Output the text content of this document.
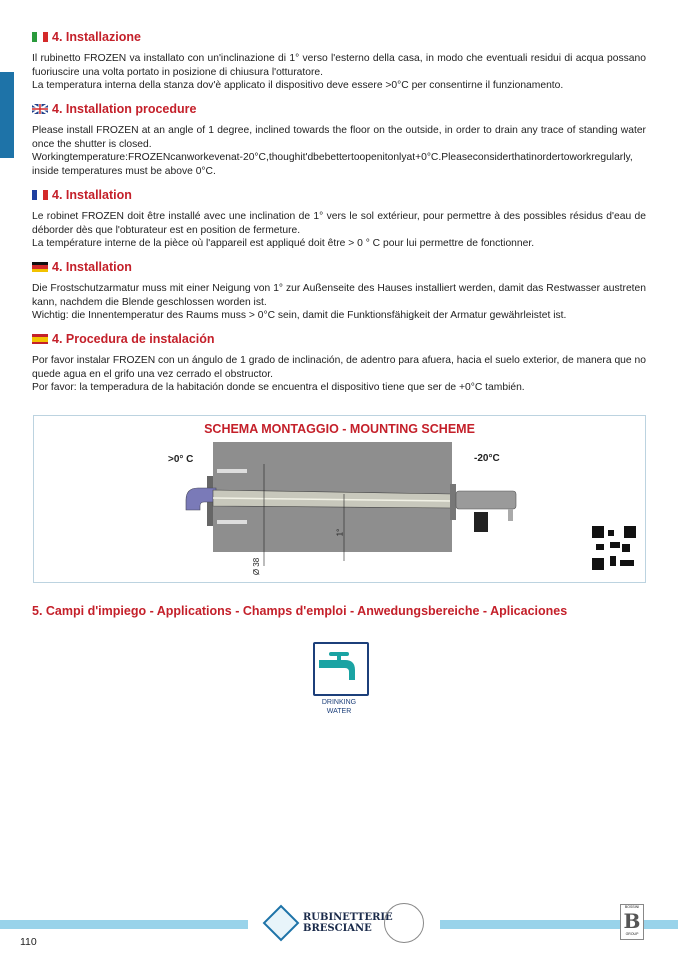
4. Installazione
Il rubinetto FROZEN va installato con un'inclinazione di 1° verso l'esterno della casa, in modo che eventuali residui di acqua possano fuoriuscire una volta portato in posizione di chiusura l'otturatore.
La temperatura interna della stanza dov'è applicato il dispositivo deve essere >0°C per consentirne il funzionamento.
4. Installation procedure
Please install FROZEN at an angle of 1 degree, inclined towards the floor on the outside, in order to drain any trace of standing water once the shutter is closed.
Workingtemperature:FROZENcanworkevenat-20°C,thoughit'dbebettertoopenitonlyat+0°C.Pleaseconsiderthatinordertoworkregularly, inside temperatures must be above 0°C.
4. Installation
Le robinet FROZEN doit être installé avec une inclination de 1° vers le sol extérieur, pour permettre à des possibles résidus d'eau de déborder dès que l'obturateur est en position de fermeture.
La température interne de la pièce où l'appareil est appliqué doit être > 0 ° C pour lui permettre de fonctionner.
4. Installation
Die Frostschutzarmatur muss mit einer Neigung von 1° zur Außenseite des Hauses installiert werden, damit das Restwasser austreten kann, nachdem die Blende geschlossen worden ist.
Wichtig: die Innentemperatur des Raums muss > 0°C sein, damit die Funktionsfähigkeit der Armatur gewährleistet ist.
4. Procedura de instalación
Por favor instalar FROZEN con un ángulo de 1 grado de inclinación, de adentro para afuera, hacia el suelo exterior, de manera que no quede agua en el grifo una vez cerrado el obstructor.
Por favor: la temperadura de la habitación donde se encuentra el dispositivo tiene que ser de +0°C también.
SCHEMA MONTAGGIO - MOUNTING SCHEME
>0° C	-20°C
Ø 38
1°
5. Campi d'impiego - Applications - Champs d'emploi - Anwedungsbereiche - Aplicaciones
DRINKING
WATER
110
RUBINETTERIE
BRESCIANE
BOSSINI
B
GROUP
